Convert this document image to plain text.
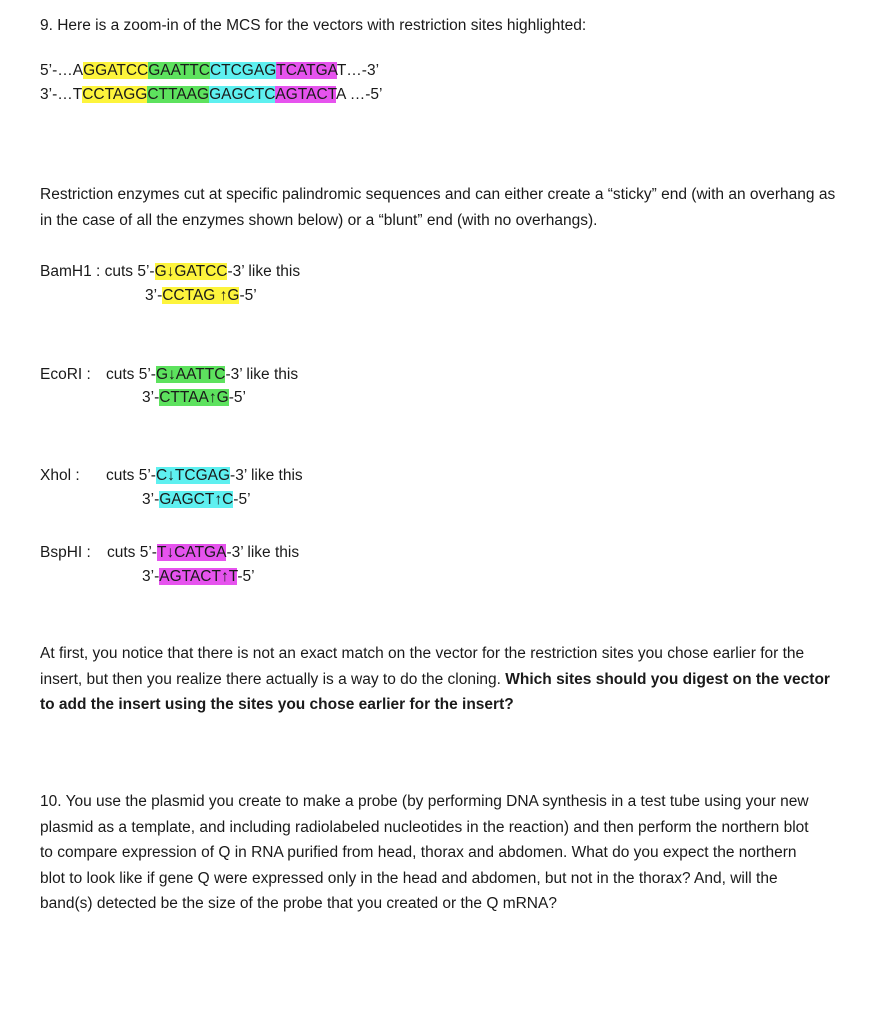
9. Here is a zoom-in of the MCS for the vectors with restriction sites highlighted:
5’-…AGGATCCGAATTCCTCGAGTCATGAT…-3’
3’-…TCCTAGGCTTAAGGAGCTCAGTACTA …-5’
Restriction enzymes cut at specific palindromic sequences and can either create a “sticky” end (with an overhang as in the case of all the enzymes shown below) or a “blunt” end (with no overhangs).
BamH1 : cuts 5’-G↓GATCC-3’ like this
3’-CCTAG ↑G-5’
EcoRI : cuts 5’-G↓AATTC-3’ like this
3’-CTTAA↑G-5’
Xhol : cuts 5’-C↓TCGAG-3’ like this
3’-GAGCT↑C-5’
BspHI : cuts 5’-T↓CATGA-3’ like this
3’-AGTACT↑T-5’
At first, you notice that there is not an exact match on the vector for the restriction sites you chose earlier for the insert, but then you realize there actually is a way to do the cloning. Which sites should you digest on the vector to add the insert using the sites you chose earlier for the insert?
10. You use the plasmid you create to make a probe (by performing DNA synthesis in a test tube using your new plasmid as a template, and including radiolabeled nucleotides in the reaction) and then perform the northern blot to compare expression of Q in RNA purified from head, thorax and abdomen. What do you expect the northern blot to look like if gene Q were expressed only in the head and abdomen, but not in the thorax? And, will the band(s) detected be the size of the probe that you created or the Q mRNA?
